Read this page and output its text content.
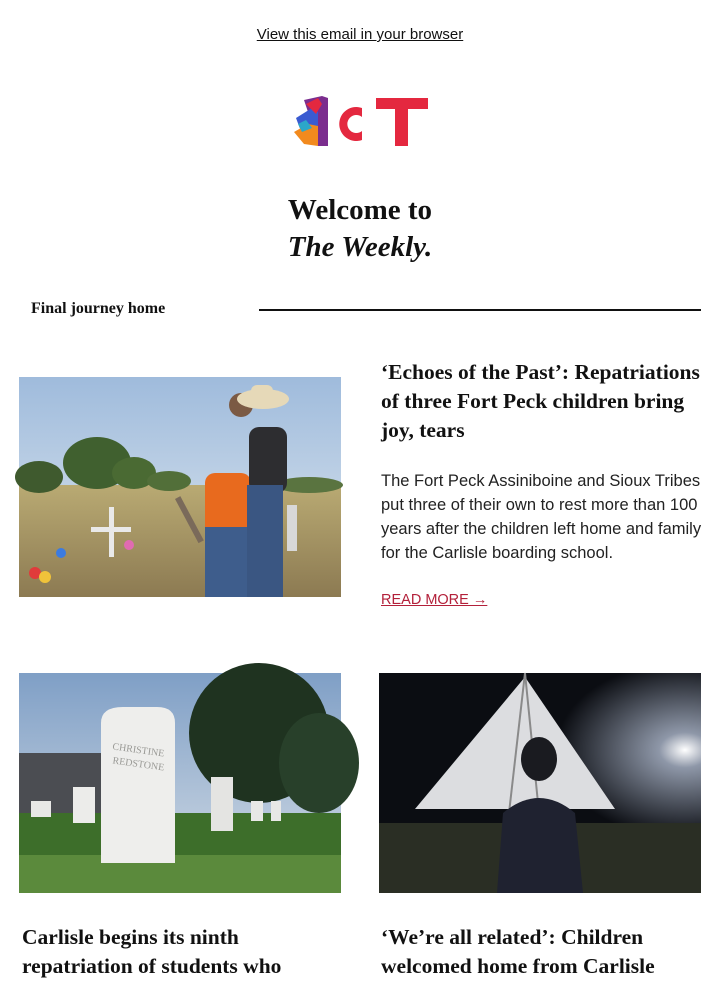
View this email in your browser
Welcome to
The Weekly.
Final journey home
‘Echoes of the Past’: Repatriations of three Fort Peck children bring joy, tears
The Fort Peck Assiniboine and Sioux Tribes put three of their own to rest more than 100 years after the children left home and family for the Carlisle boarding school.
READ MORE →
CHRISTINE
REDSTONE
Carlisle begins its ninth repatriation of students who
‘We’re all related’: Children welcomed home from Carlisle
